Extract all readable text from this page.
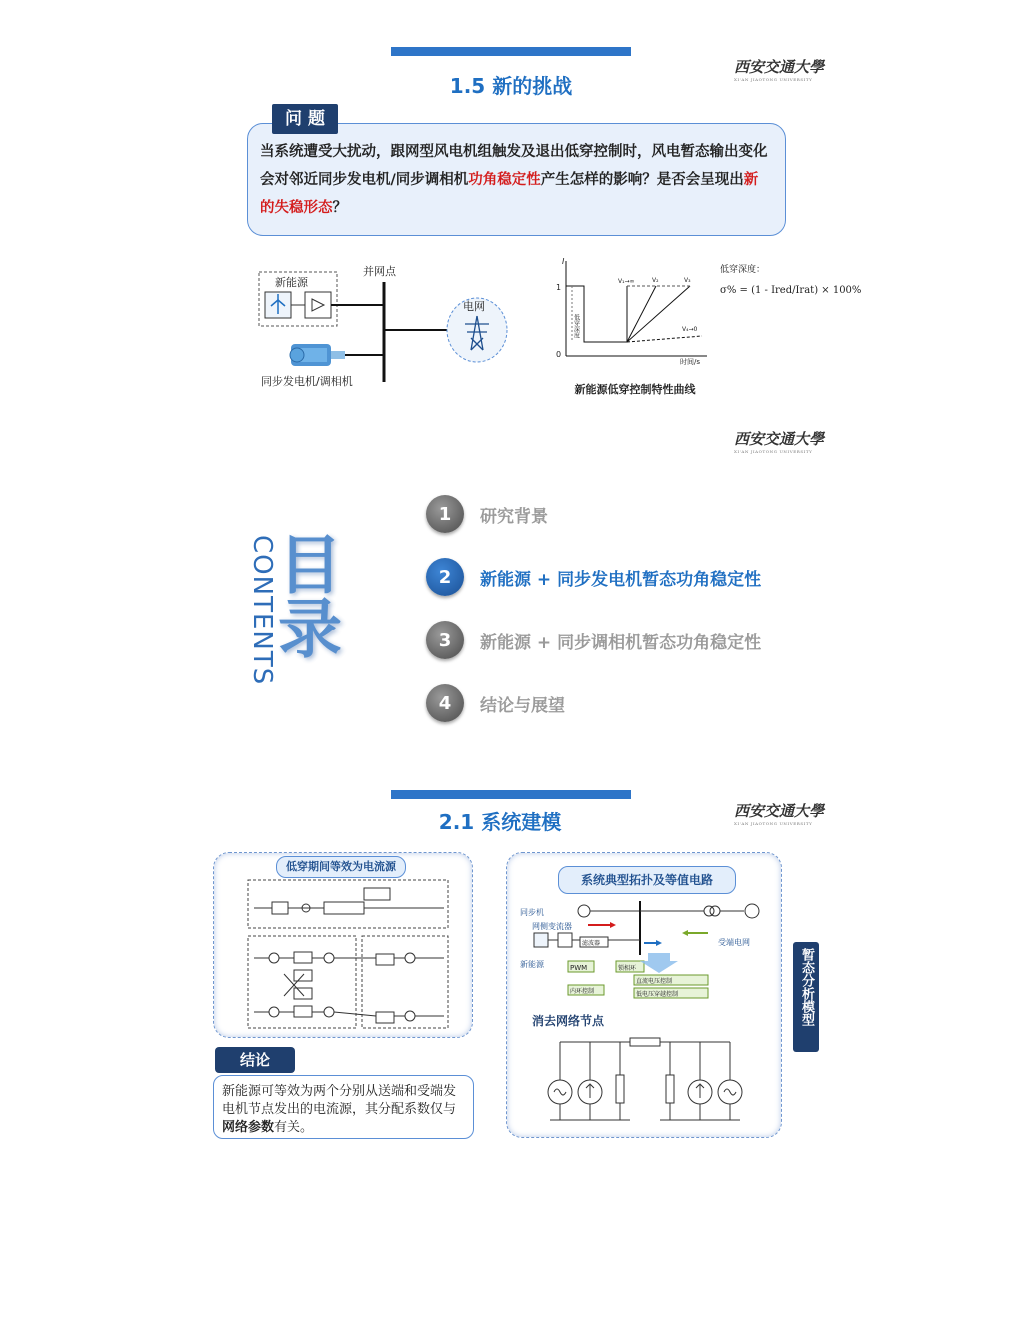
1.5 新的挑战
西安交通大學
XI'AN JIAOTONG UNIVERSITY
当系统遭受大扰动，跟网型风电机组触发及退出低穿控制时，风电暂态输出变化会对邻近同步发电机/同步调相机功角稳定性产生怎样的影响？是否会呈现出新的失稳形态？
问 题
新能源
并网点
同步发电机/调相机
电网
I
1
0
时间/s
低穿深度
V₁→∞	V₂	V₃
V₄→0
低穿深度：
σ% = (1 - Ired/Irat) × 100%
新能源低穿控制特性曲线
西安交通大學
XI'AN JIAOTONG UNIVERSITY
目录
CONTENTS
1	研究背景
2	新能源 + 同步发电机暂态功角稳定性
3	新能源 + 同步调相机暂态功角稳定性
4	结论与展望
2.1 系统建模	西安交通大學
XI'AN JIAOTONG UNIVERSITY
低穿期间等效为电流源
新能源可等效为两个分别从送端和受端发电机节点发出的电流源，其分配系数仅与网络参数有关。
结论
系统典型拓扑及等值电路
受端电网
新能源
网侧变流器
同步机
滤波器
PWM	锁相环
直流电压控制
内环控制	低电压穿越控制
消去网络节点	暂态分析模型
